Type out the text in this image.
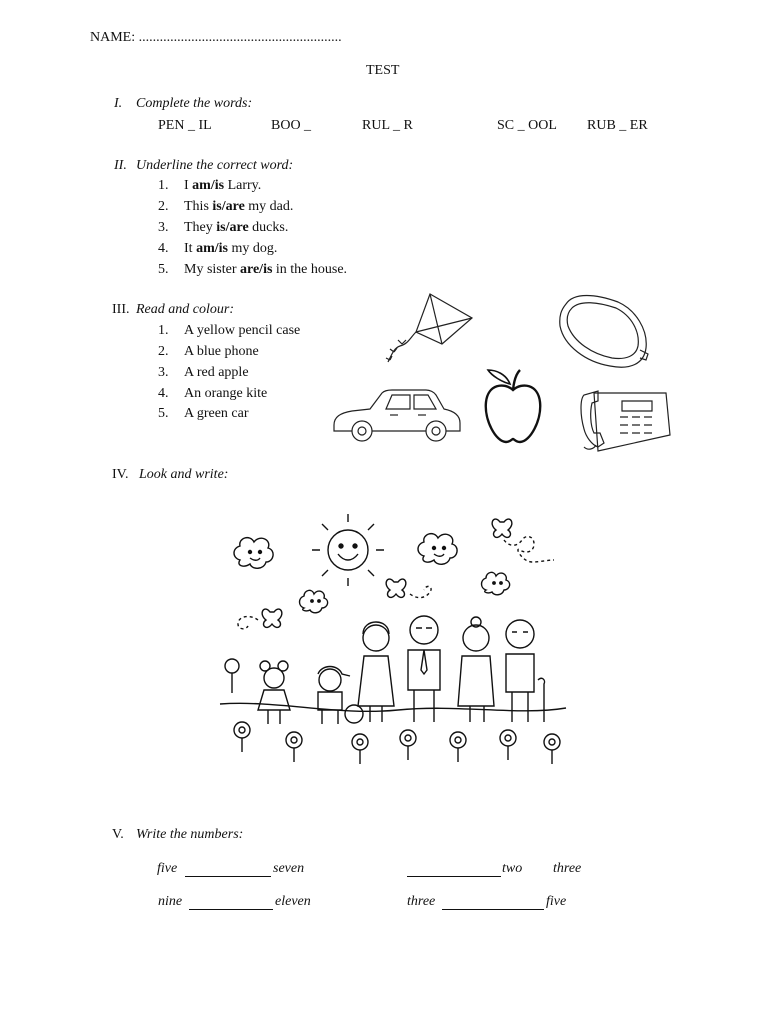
NAME: ..........................................................
TEST
I. Complete the words:
PEN _ IL	BOO _	RUL _ R	SC _ OOL RUB _ ER
II. Underline the correct word:
1. I am/is Larry.
2. This is/are my dad.
3. They is/are ducks.
4. It am/is my dog.
5. My sister are/is in the house.
III. Read and colour:
1. A yellow pencil case
2. A blue phone
3. A red apple
4. An orange kite
5. A green car
IV. Look and write:
V. Write the numbers:
five	seven	two three
nine	eleven	three	five
